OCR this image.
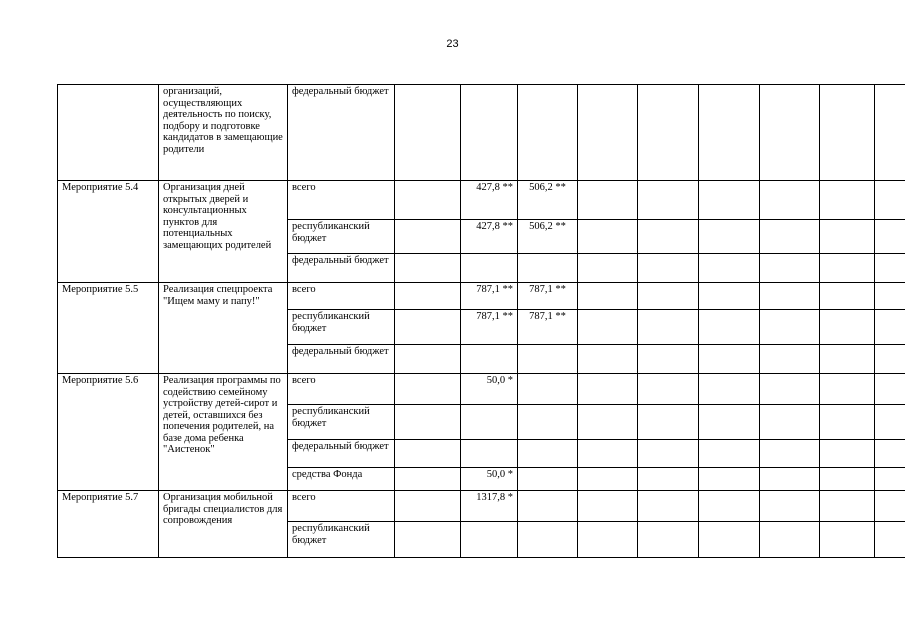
23
	организаций, осуществляющих деятельность по поиску, подбору и подготовке кандидатов в замещающие родители	федеральный бюджет									
Мероприятие 5.4	Организация дней открытых дверей и консультационных пунктов для потенциальных замещающих родителей	всего		427,8 **	506,2 **						
		республиканский бюджет		427,8 **	506,2 **						
		федеральный бюджет									
Мероприятие 5.5	Реализация спецпроекта "Ищем маму и папу!"	всего		787,1 **	787,1 **						
		республиканский бюджет		787,1 **	787,1 **						
		федеральный бюджет									
Мероприятие 5.6	Реализация программы по содействию семейному устройству детей-сирот и детей, оставшихся без попечения родителей, на базе дома ребенка "Аистенок"	всего		50,0 *							
		республиканский бюджет									
		федеральный бюджет									
		средства Фонда		50,0 *							
Мероприятие 5.7	Организация мобильной бригады специалистов для сопровождения	всего		1317,8 *							
		республиканский бюджет									
